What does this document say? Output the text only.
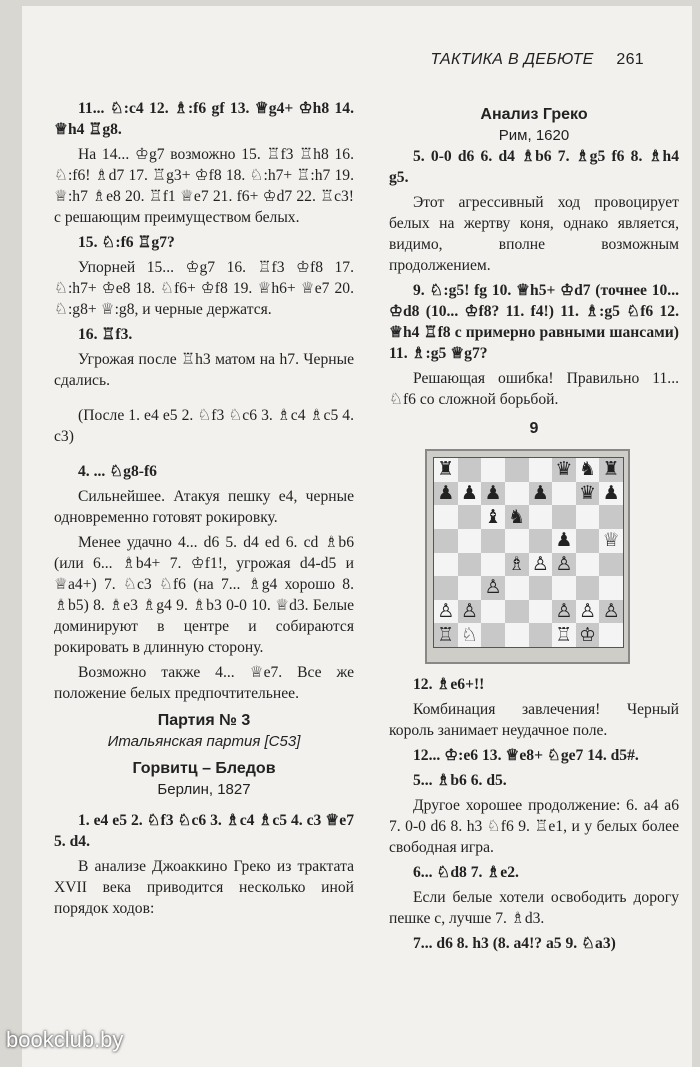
ТАКТИКА В ДЕБЮТЕ 261

11... ♘:c4 12. ♗:f6 gf 13. ♕g4+ ♔h8 14. ♕h4 ♖g8.

На 14... ♔g7 возможно 15. ♖f3 ♖h8 16. ♘:f6! ♗d7 17. ♖g3+ ♔f8 18. ♘:h7+ ♖:h7 19. ♕:h7 ♗e8 20. ♖f1 ♕e7 21. f6+ ♔d7 22. ♖c3! с решающим преимуществом белых.

15. ♘:f6 ♖g7?

Упорней 15... ♔g7 16. ♖f3 ♔f8 17. ♘:h7+ ♔e8 18. ♘f6+ ♔f8 19. ♕h6+ ♕e7 20. ♘:g8+ ♕:g8, и черные держатся.

16. ♖f3.

Угрожая после ♖h3 матом на h7. Черные сдались.

(После 1. e4 e5 2. ♘f3 ♘c6 3. ♗c4 ♗c5 4. c3)

4. ... ♘g8-f6

Сильнейшее. Атакуя пешку e4, черные одновременно готовят рокировку.

Менее удачно 4... d6 5. d4 ed 6. cd ♗b6 (или 6... ♗b4+ 7. ♔f1!, угрожая d4-d5 и ♕a4+) 7. ♘c3 ♘f6 (на 7... ♗g4 хорошо 8. ♗b5) 8. ♗e3 ♗g4 9. ♗b3 0-0 10. ♕d3. Белые доминируют в центре и собираются рокировать в длинную сторону.

Возможно также 4... ♕e7. Все же положение белых предпочтительнее.

Партия № 3
Итальянская партия [C53]
Горвитц – Бледов
Берлин, 1827

1. e4 e5 2. ♘f3 ♘c6 3. ♗c4 ♗c5 4. c3 ♕e7 5. d4.

В анализе Джоаккино Греко из трактата XVII века приводится несколько иной порядок ходов:

Анализ Греко
Рим, 1620

5. 0-0 d6 6. d4 ♗b6 7. ♗g5 f6 8. ♗h4 g5.

Этот агрессивный ход провоцирует белых на жертву коня, однако является, видимо, вполне возможным продолжением.

9. ♘:g5! fg 10. ♕h5+ ♔d7 (точнее 10... ♔d8 (10... ♔f8? 11. f4!) 11. ♗:g5 ♘f6 12. ♕h4 ♖f8 с примерно равными шансами) 11. ♗:g5 ♕g7?

Решающая ошибка! Правильно 11... ♘f6 со сложной борьбой.

9
♜	♛ ♞ ♜
♟ ♟ ♟ ♟ ♛ ♟
♝ ♞
♟ ♕
♗ ♙ ♙
♙
♙ ♙	♙ ♙ ♙
♖ ♘	♖ ♔

12. ♗e6+!!

Комбинация завлечения! Черный король занимает неудачное поле.

12... ♔:e6 13. ♕e8+ ♘ge7 14. d5#.

5... ♗b6 6. d5.

Другое хорошее продолжение: 6. a4 a6 7. 0-0 d6 8. h3 ♘f6 9. ♖e1, и у белых более свободная игра.

6... ♘d8 7. ♗e2.

Если белые хотели освободить дорогу пешке c, лучше 7. ♗d3.

7... d6 8. h3 (8. a4!? a5 9. ♘a3)

bookclub.by
